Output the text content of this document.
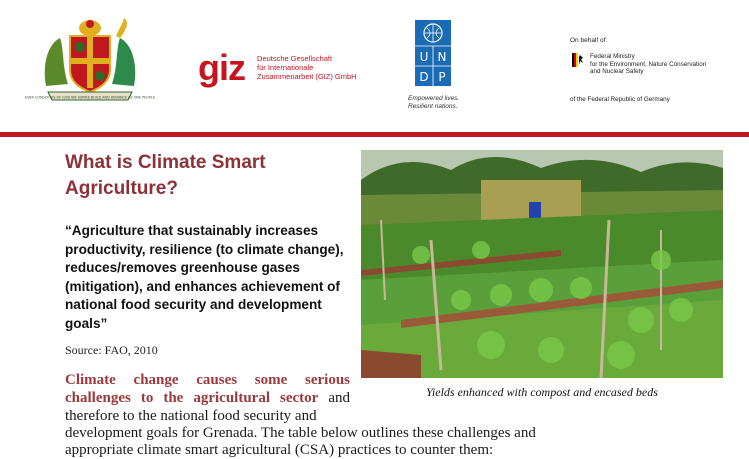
EVER CONSCIOUS OF GOD WE ASPIRE BUILD AND ADVANCE AS ONE PEOPLE
giz Deutsche Gesellschaft
für Internationale
Zusammenarbeit (GIZ) GmbH
U N
D P
Empowered lives.
Resilient nations.
On behalf of:
Federal Ministry
for the Environment, Nature Conservation
and Nuclear Safety
of the Federal Republic of Germany
What is Climate Smart
Agriculture?
“Agriculture that sustainably increases productivity, resilience (to climate change), reduces/removes greenhouse gases (mitigation), and enhances achievement of national food security and development goals”
Source: FAO, 2010
Yields enhanced with compost and encased beds
Climate change causes some serious challenges to the agricultural sector and therefore to the national food security and
development goals for Grenada. The table below outlines these challenges and
appropriate climate smart agricultural (CSA) practices to counter them:
